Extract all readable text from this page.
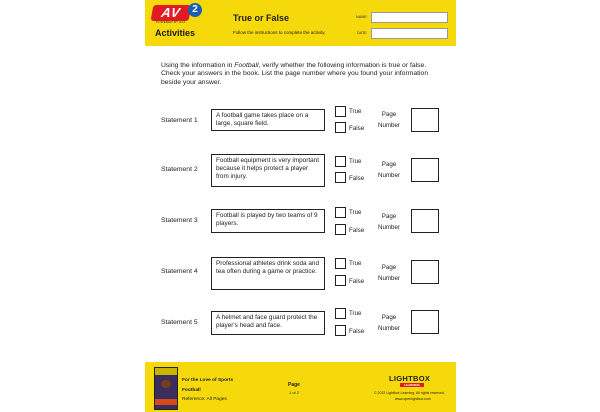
AV	2
POWERED BY AV2
Activities
True or False
Follow the instructions to complete the activity.
NAME
DATE
Using the information in Football, verify whether the following information is true or false. Check your answers in the book. List the page number where you found your information beside your answer.
Statement 1
A football game takes place on a large, square field.
True
False
Page
Number
Statement 2
Football equipment is very important because it helps protect a player from injury.
True
False
Page
Number
Statement 3
Football is played by two teams of 9 players.
True
False
Page
Number
Statement 4
Professional athletes drink soda and tea often during a game or practice.
True
False
Page
Number
Statement 5
A helmet and face guard protect the player's head and face.
True
False
Page
Number
For the Love of Sports
Football
Reference: All Pages
Page
1 of 2
LIGHTBOX
LEARNING
© 2022 Lightbox Learning. All rights reserved.
www.openlightbox.com
